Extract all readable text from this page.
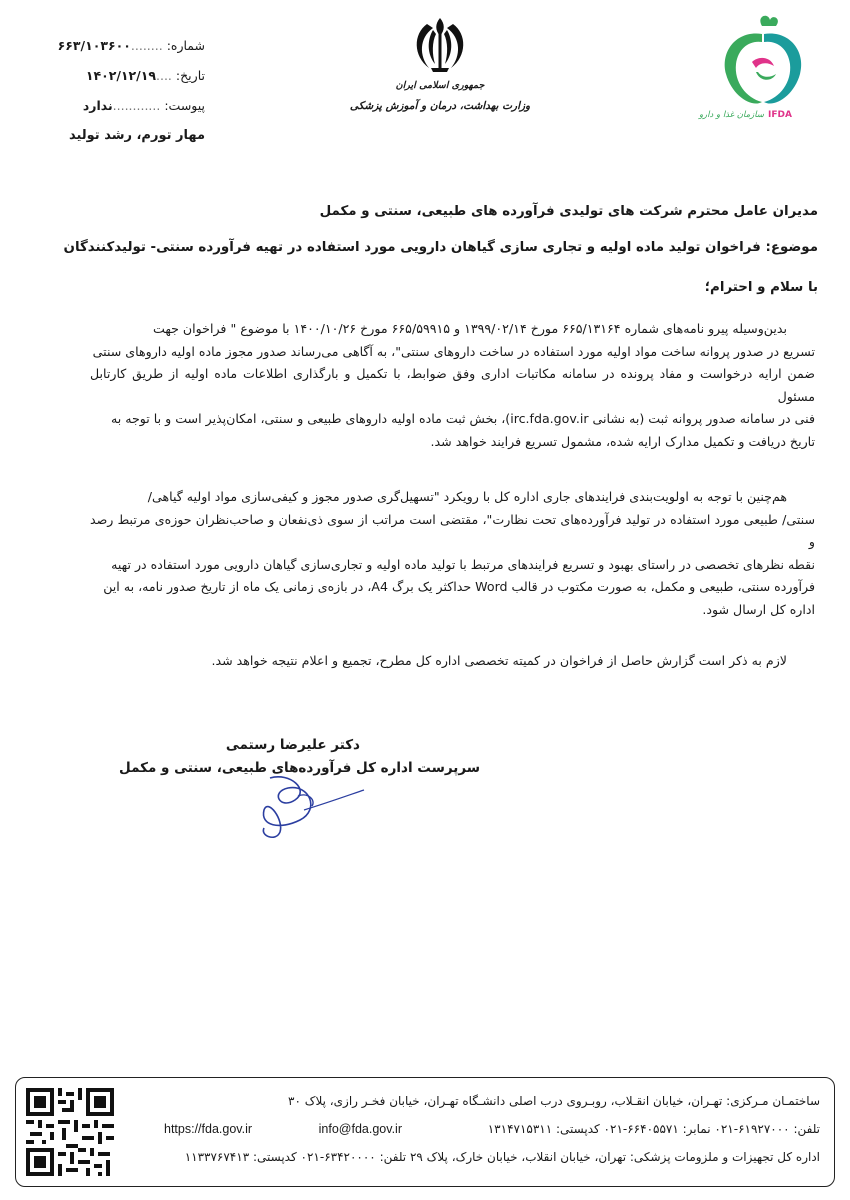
شماره: ........۶۶۳/۱۰۳۶۰۰
تاریخ: ....۱۴۰۲/۱۲/۱۹
پیوست: ............ندارد
مهار تورم، رشد تولید
جمهوری اسلامی ایران
وزارت بهداشت، درمان و آموزش پزشکی
سازمان غذا و دارو IFDA
مدیران عامل محترم شرکت های تولیدی فرآورده های طبیعی، سنتی و مکمل
موضوع: فراخوان تولید ماده اولیه و تجاری سازی گیاهان دارویی مورد استفاده در تهیه فرآورده سنتی- تولیدکنندگان
با سلام و احترام؛
بدین‌وسیله پیرو نامه‌های شماره ۶۶۵/۱۳۱۶۴ مورخ ۱۳۹۹/۰۲/۱۴ و ۶۶۵/۵۹۹۱۵ مورخ ۱۴۰۰/۱۰/۲۶ با موضوع " فراخوان جهت
تسریع در صدور پروانه ساخت مواد اولیه مورد استفاده در ساخت داروهای سنتی"، به آگاهی می‌رساند صدور مجوز ماده اولیه داروهای سنتی
ضمن ارایه درخواست و مفاد پرونده در سامانه مکاتبات اداری وفق ضوابط، با تکمیل و بارگذاری اطلاعات ماده اولیه از طریق کارتابل مسئول
فنی در سامانه صدور پروانه ثبت (به نشانی irc.fda.gov.ir)، بخش ثبت ماده اولیه داروهای طبیعی و سنتی، امکان‌پذیر است و با توجه به
تاریخ دریافت و تکمیل مدارک ارایه شده، مشمول تسریع فرایند خواهد شد.
هم‌چنین با توجه به اولویت‌بندی فرایندهای جاری اداره کل با رویکرد "تسهیل‌گری صدور مجوز و کیفی‌سازی مواد اولیه گیاهی/
سنتی/ طبیعی مورد استفاده در تولید فرآورده‌های تحت نظارت"، مقتضی است مراتب از سوی ذی‌نفعان و صاحب‌نظران حوزه‌ی مرتبط رصد و
نقطه نظرهای تخصصی در راستای بهبود و تسریع فرایندهای مرتبط با تولید ماده اولیه و تجاری‌سازی گیاهان دارویی مورد استفاده در تهیه
فرآورده سنتی، طبیعی و مکمل، به صورت مکتوب در قالب Word حداکثر یک برگ A4، در بازه‌ی زمانی یک ماه از تاریخ صدور نامه، به این
اداره کل ارسال شود.
لازم به ذکر است گزارش حاصل از فراخوان در کمیته تخصصی اداره کل مطرح، تجمیع و اعلام نتیجه خواهد شد.
دکتر علیرضا رستمی
سرپرست اداره کل فرآورده‌های طبیعی، سنتی و مکمل
ساختمـان مـرکزی: تهـران، خیابان انقـلاب، روبـروی درب اصلی دانشـگاه تهـران، خیابان فخـر رازی، پلاک ۳۰
تلفن: ۶۱۹۲۷۰۰۰-۰۲۱ نمابر: ۶۶۴۰۵۵۷۱-۰۲۱ کدپستی: ۱۳۱۴۷۱۵۳۱۱
info@fda.gov.ir
https://fda.gov.ir
اداره کل تجهیزات و ملزومات پزشکی: تهران، خیابان انقلاب، خیابان خارک، پلاک ۲۹ تلفن: ۶۳۴۲۰۰۰۰-۰۲۱ کدپستی: ۱۱۳۳۷۶۷۴۱۳
